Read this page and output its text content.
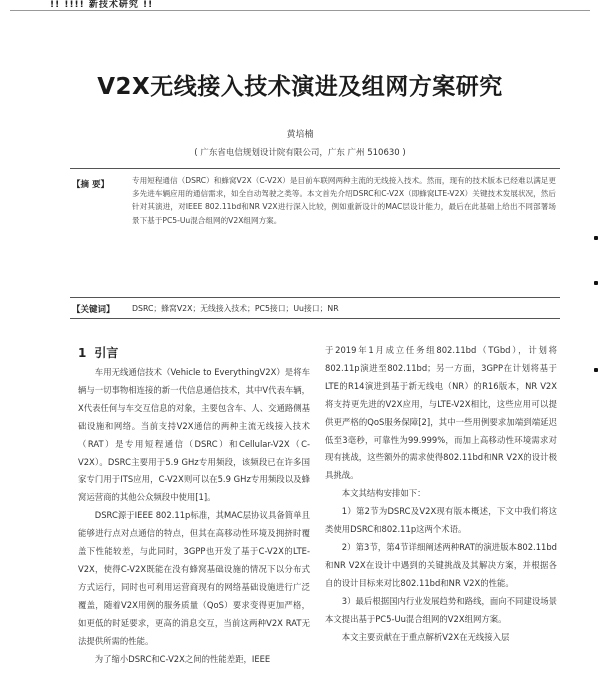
!! !!!! 新技术研究 !!
V2X无线接入技术演进及组网方案研究
黄培楠
( 广东省电信规划设计院有限公司，广东 广州 510630 )
【摘 要】	专用短程通信（DSRC）和蜂窝V2X（C-V2X）是目前车联网两种主流的无线接入技术。然而，现有的技术版本已经难以满足更多先进车辆应用的通信需求，如全自动驾驶之类等。本文首先介绍DSRC和C-V2X（即蜂窝LTE-V2X）关键技术发展状况，然后针对其演进，对IEEE 802.11bd和NR V2X进行深入比较，例如重新设计的MAC层设计能力，最后在此基础上给出不同部署场景下基于PC5-Uu混合组网的V2X组网方案。
【关键词】 DSRC；蜂窝V2X；无线接入技术；PC5接口；Uu接口；NR
1 引言

车用无线通信技术（Vehicle to EverythingV2X）是将车辆与一切事物相连接的新一代信息通信技术，其中V代表车辆，X代表任何与车交互信息的对象，主要包含车、人、交通路侧基础设施和网络。当前支持V2X通信的两种主流无线接入技术（RAT）是专用短程通信（DSRC）和Cellular-V2X（C-V2X）。DSRC主要用于5.9 GHz专用频段，该频段已在许多国家专门用于ITS应用，C-V2X则可以在5.9 GHz专用频段以及蜂窝运营商的其他公众频段中使用[1]。

DSRC源于IEEE 802.11p标准，其MAC层协议具备简单且能够进行点对点通信的特点，但其在高移动性环境及拥挤时覆盖下性能较差，与此同时，3GPP也开发了基于C-V2X的LTE-V2X，使得C-V2X既能在没有蜂窝基础设施的情况下以分布式方式运行，同时也可利用运营商现有的网络基础设施进行广泛覆盖，随着V2X用例的服务质量（QoS）要求变得更加严格，如更低的时延要求，更高的消息交互，当前这两种V2X RAT无法提供所需的性能。

为了缩小DSRC和C-V2X之间的性能差距，IEEE

于2019年1月成立任务组802.11bd（TGbd），计划将802.11p演进至802.11bd；另一方面，3GPP在计划将基于LTE的R14演进到基于新无线电（NR）的R16版本，NR V2X将支持更先进的V2X应用，与LTE-V2X相比，这些应用可以提供更严格的QoS服务保障[2]，其中一些用例要求加端到端延迟低至3毫秒，可靠性为99.999%，而加上高移动性环境需求对现有挑战，这些额外的需求使得802.11bd和NR V2X的设计极具挑战。

本文其结构安排如下：

1）第2节为DSRC及V2X现有版本概述，下文中我们将这类使用DSRC和802.11p这两个术语。

2）第3节，第4节详细阐述两种RAT的演进版本802.11bd和NR V2X在设计中遇到的关键挑战及其解决方案，并根据各自的设计目标来对比802.11bd和NR V2X的性能。

3）最后根据国内行业发展趋势和路线，面向不同建设场景本文提出基于PC5-Uu混合组网的V2X组网方案。

本文主要贡献在于重点解析V2X在无线接入层
